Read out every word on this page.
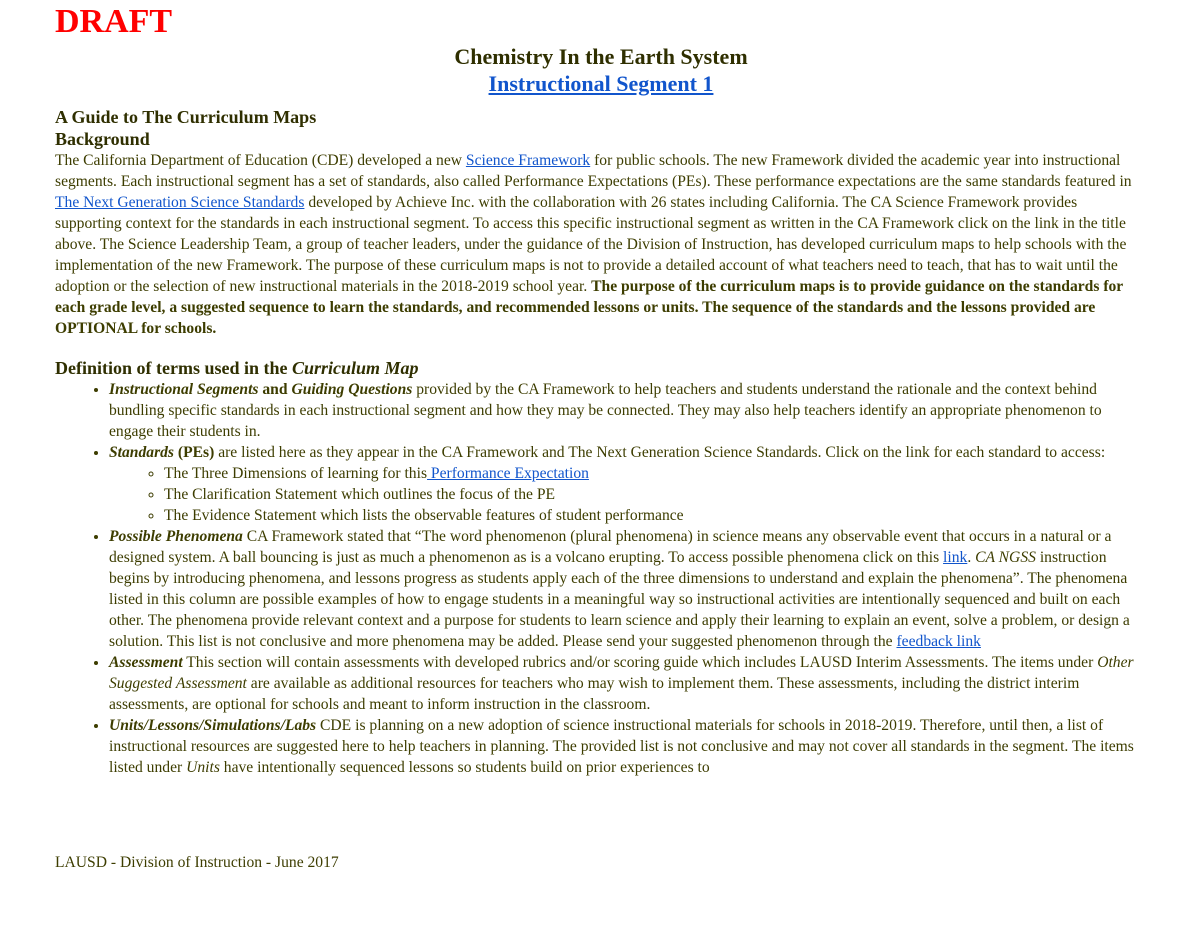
DRAFT

Chemistry In the Earth System

Instructional Segment 1

A Guide to The Curriculum Maps

Background

The California Department of Education (CDE) developed a new Science Framework for public schools. The new Framework divided the academic year into instructional segments. Each instructional segment has a set of standards, also called Performance Expectations (PEs). These performance expectations are the same standards featured in The Next Generation Science Standards developed by Achieve Inc. with the collaboration with 26 states including California. The CA Science Framework provides supporting context for the standards in each instructional segment. To access this specific instructional segment as written in the CA Framework click on the link in the title above. The Science Leadership Team, a group of teacher leaders, under the guidance of the Division of Instruction, has developed curriculum maps to help schools with the implementation of the new Framework. The purpose of these curriculum maps is not to provide a detailed account of what teachers need to teach, that has to wait until the adoption or the selection of new instructional materials in the 2018-2019 school year. The purpose of the curriculum maps is to provide guidance on the standards for each grade level, a suggested sequence to learn the standards, and recommended lessons or units. The sequence of the standards and the lessons provided are OPTIONAL for schools.

Definition of terms used in the Curriculum Map

• Instructional Segments and Guiding Questions provided by the CA Framework to help teachers and students understand the rationale and the context behind bundling specific standards in each instructional segment and how they may be connected. They may also help teachers identify an appropriate phenomenon to engage their students in.
• Standards (PEs) are listed here as they appear in the CA Framework and The Next Generation Science Standards. Click on the link for each standard to access:
◦ The Three Dimensions of learning for this Performance Expectation
◦ The Clarification Statement which outlines the focus of the PE
◦ The Evidence Statement which lists the observable features of student performance
• Possible Phenomena CA Framework stated that “The word phenomenon (plural phenomena) in science means any observable event that occurs in a natural or a designed system. A ball bouncing is just as much a phenomenon as is a volcano erupting. To access possible phenomena click on this link. CA NGSS instruction begins by introducing phenomena, and lessons progress as students apply each of the three dimensions to understand and explain the phenomena”. The phenomena listed in this column are possible examples of how to engage students in a meaningful way so instructional activities are intentionally sequenced and built on each other. The phenomena provide relevant context and a purpose for students to learn science and apply their learning to explain an event, solve a problem, or design a solution. This list is not conclusive and more phenomena may be added. Please send your suggested phenomenon through the feedback link
• Assessment This section will contain assessments with developed rubrics and/or scoring guide which includes LAUSD Interim Assessments. The items under Other Suggested Assessment are available as additional resources for teachers who may wish to implement them. These assessments, including the district interim assessments, are optional for schools and meant to inform instruction in the classroom.
• Units/Lessons/Simulations/Labs CDE is planning on a new adoption of science instructional materials for schools in 2018-2019. Therefore, until then, a list of instructional resources are suggested here to help teachers in planning. The provided list is not conclusive and may not cover all standards in the segment. The items listed under Units have intentionally sequenced lessons so students build on prior experiences to
LAUSD - Division of Instruction - June 2017
